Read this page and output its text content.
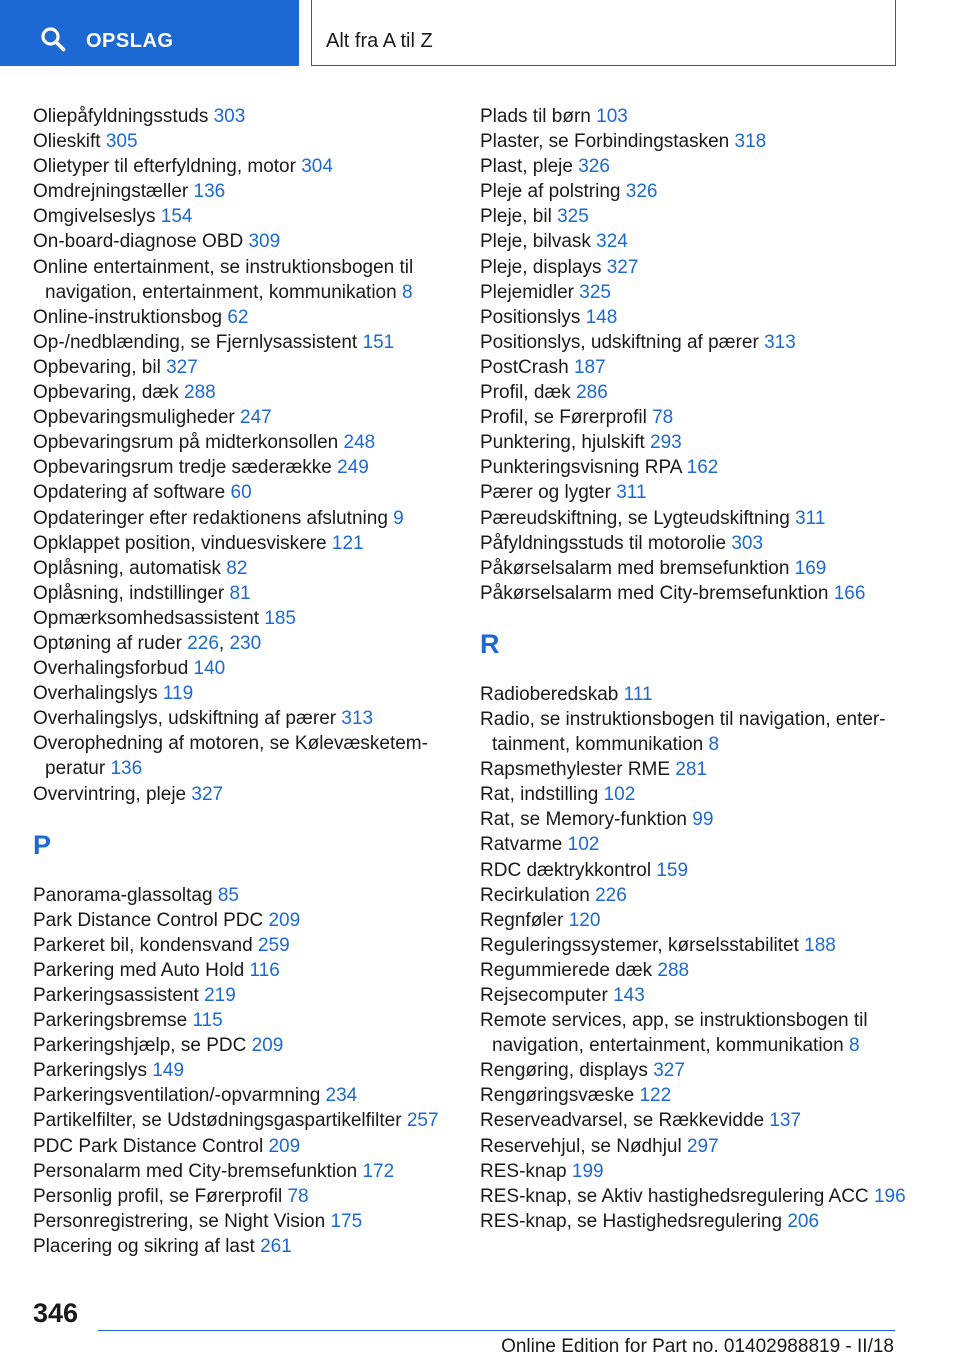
OPSLAG	Alt fra A til Z
Oliepåfyldningsstuds 303
Olieskift 305
Olietyper til efterfyldning, motor 304
Omdrejningstæller 136
Omgivelseslys 154
On-board-diagnose OBD 309
Online entertainment, se instruktionsbogen til navigation, entertainment, kommunikation 8
Online-instruktionsbog 62
Op-/nedblænding, se Fjernlysassistent 151
Opbevaring, bil 327
Opbevaring, dæk 288
Opbevaringsmuligheder 247
Opbevaringsrum på midterkonsollen 248
Opbevaringsrum tredje sæderække 249
Opdatering af software 60
Opdateringer efter redaktionens afslutning 9
Opklappet position, vinduesviskere 121
Oplåsning, automatisk 82
Oplåsning, indstillinger 81
Opmærksomhedsassistent 185
Optøning af ruder 226, 230
Overhalingsforbud 140
Overhalingslys 119
Overhalingslys, udskiftning af pærer 313
Overophedning af motoren, se Kølevæsketem-peratur 136
Overvintring, pleje 327
P
Panorama-glassoltag 85
Park Distance Control PDC 209
Parkeret bil, kondensvand 259
Parkering med Auto Hold 116
Parkeringsassistent 219
Parkeringsbremse 115
Parkeringshjælp, se PDC 209
Parkeringslys 149
Parkeringsventilation/-opvarmning 234
Partikelfilter, se Udstødningsgaspartikelfilter 257
PDC Park Distance Control 209
Personalarm med City-bremsefunktion 172
Personlig profil, se Førerprofil 78
Personregistrering, se Night Vision 175
Placering og sikring af last 261
Plads til børn 103
Plaster, se Forbindingstasken 318
Plast, pleje 326
Pleje af polstring 326
Pleje, bil 325
Pleje, bilvask 324
Pleje, displays 327
Plejemidler 325
Positionslys 148
Positionslys, udskiftning af pærer 313
PostCrash 187
Profil, dæk 286
Profil, se Førerprofil 78
Punktering, hjulskift 293
Punkteringsvisning RPA 162
Pærer og lygter 311
Pæreudskiftning, se Lygteudskiftning 311
Påfyldningsstuds til motorolie 303
Påkørselsalarm med bremsefunktion 169
Påkørselsalarm med City-bremsefunktion 166
R
Radioberedskab 111
Radio, se instruktionsbogen til navigation, enter-tainment, kommunikation 8
Rapsmethylester RME 281
Rat, indstilling 102
Rat, se Memory-funktion 99
Ratvarme 102
RDC dæktrykkontrol 159
Recirkulation 226
Regnføler 120
Reguleringssystemer, kørselsstabilitet 188
Regummierede dæk 288
Rejsecomputer 143
Remote services, app, se instruktionsbogen til navigation, entertainment, kommunikation 8
Rengøring, displays 327
Rengøringsvæske 122
Reserveadvarsel, se Rækkevidde 137
Reservehjul, se Nødhjul 297
RES-knap 199
RES-knap, se Aktiv hastighedsregulering ACC 196
RES-knap, se Hastighedsregulering 206
346
Online Edition for Part no. 01402988819 - II/18
